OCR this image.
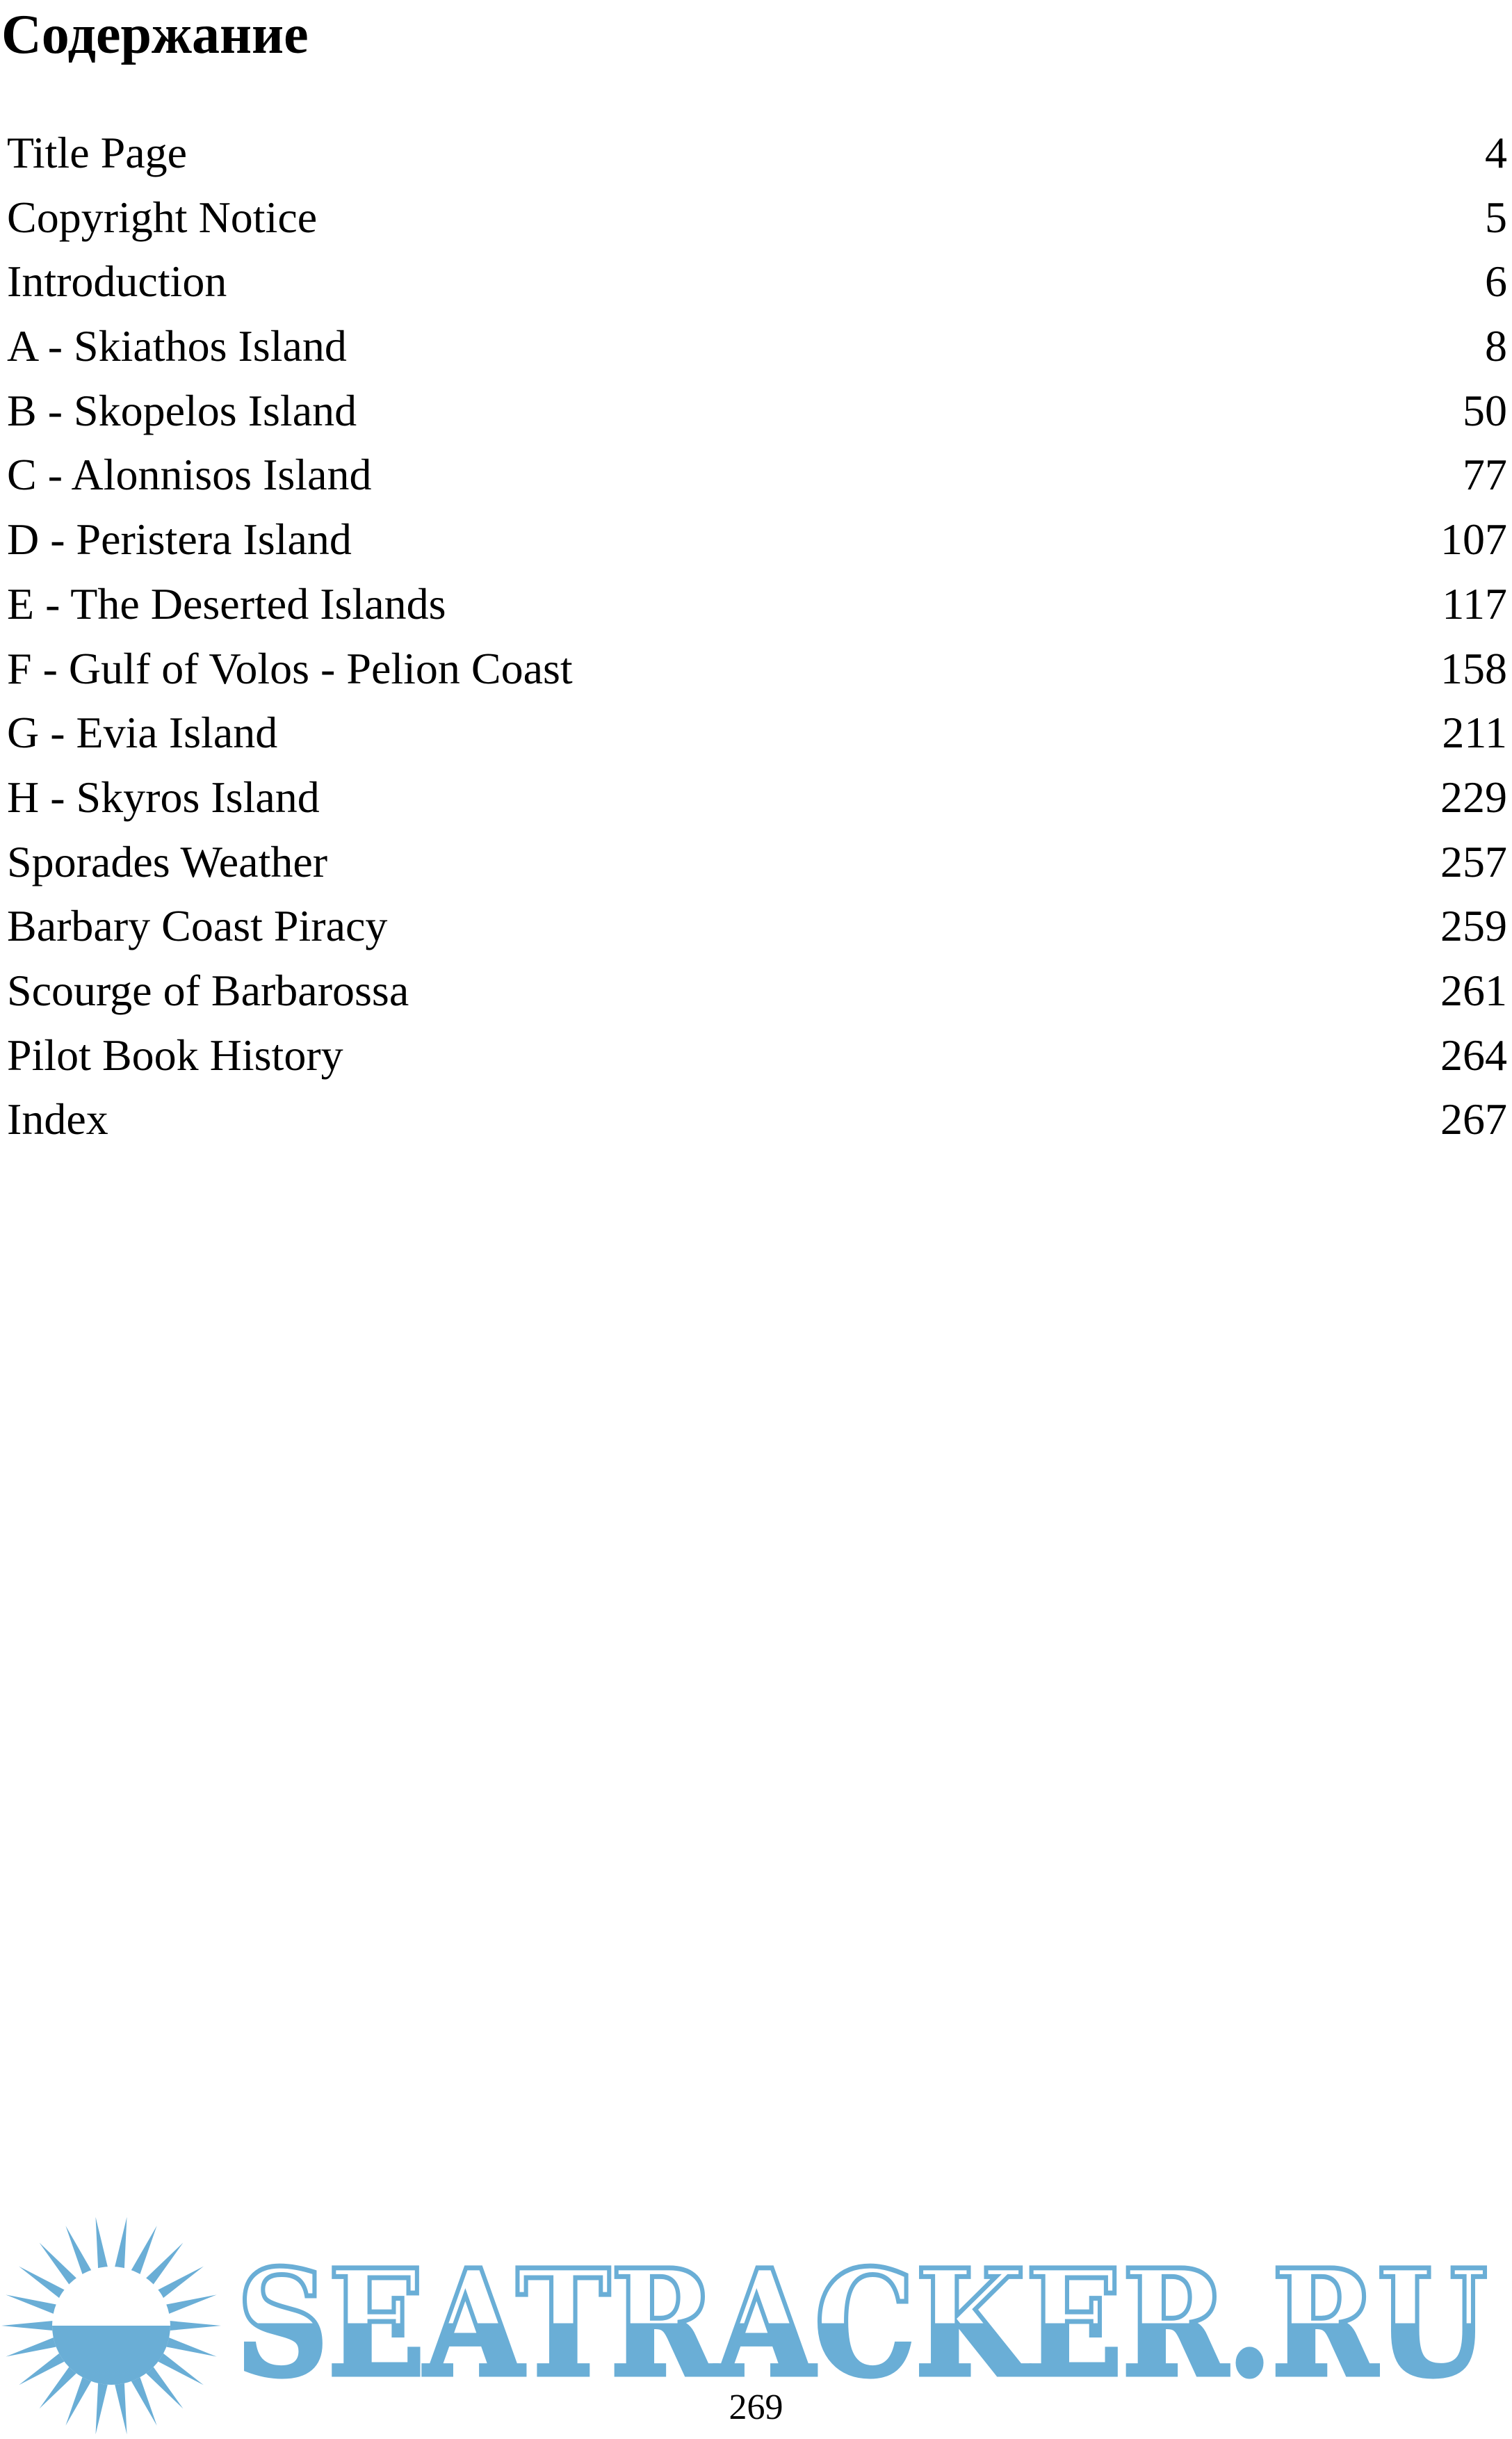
Содержание
Title Page	4
Copyright Notice	5
Introduction	6
A - Skiathos Island	8
B - Skopelos Island	50
C - Alonnisos Island	77
D - Peristera Island	107
E - The Deserted Islands	117
F - Gulf of Volos - Pelion Coast	158
G - Evia Island	211
H - Skyros Island	229
Sporades Weather	257
Barbary Coast Piracy	259
Scourge of Barbarossa	261
Pilot Book History	264
Index	267
SEATRACKER.RU
269
